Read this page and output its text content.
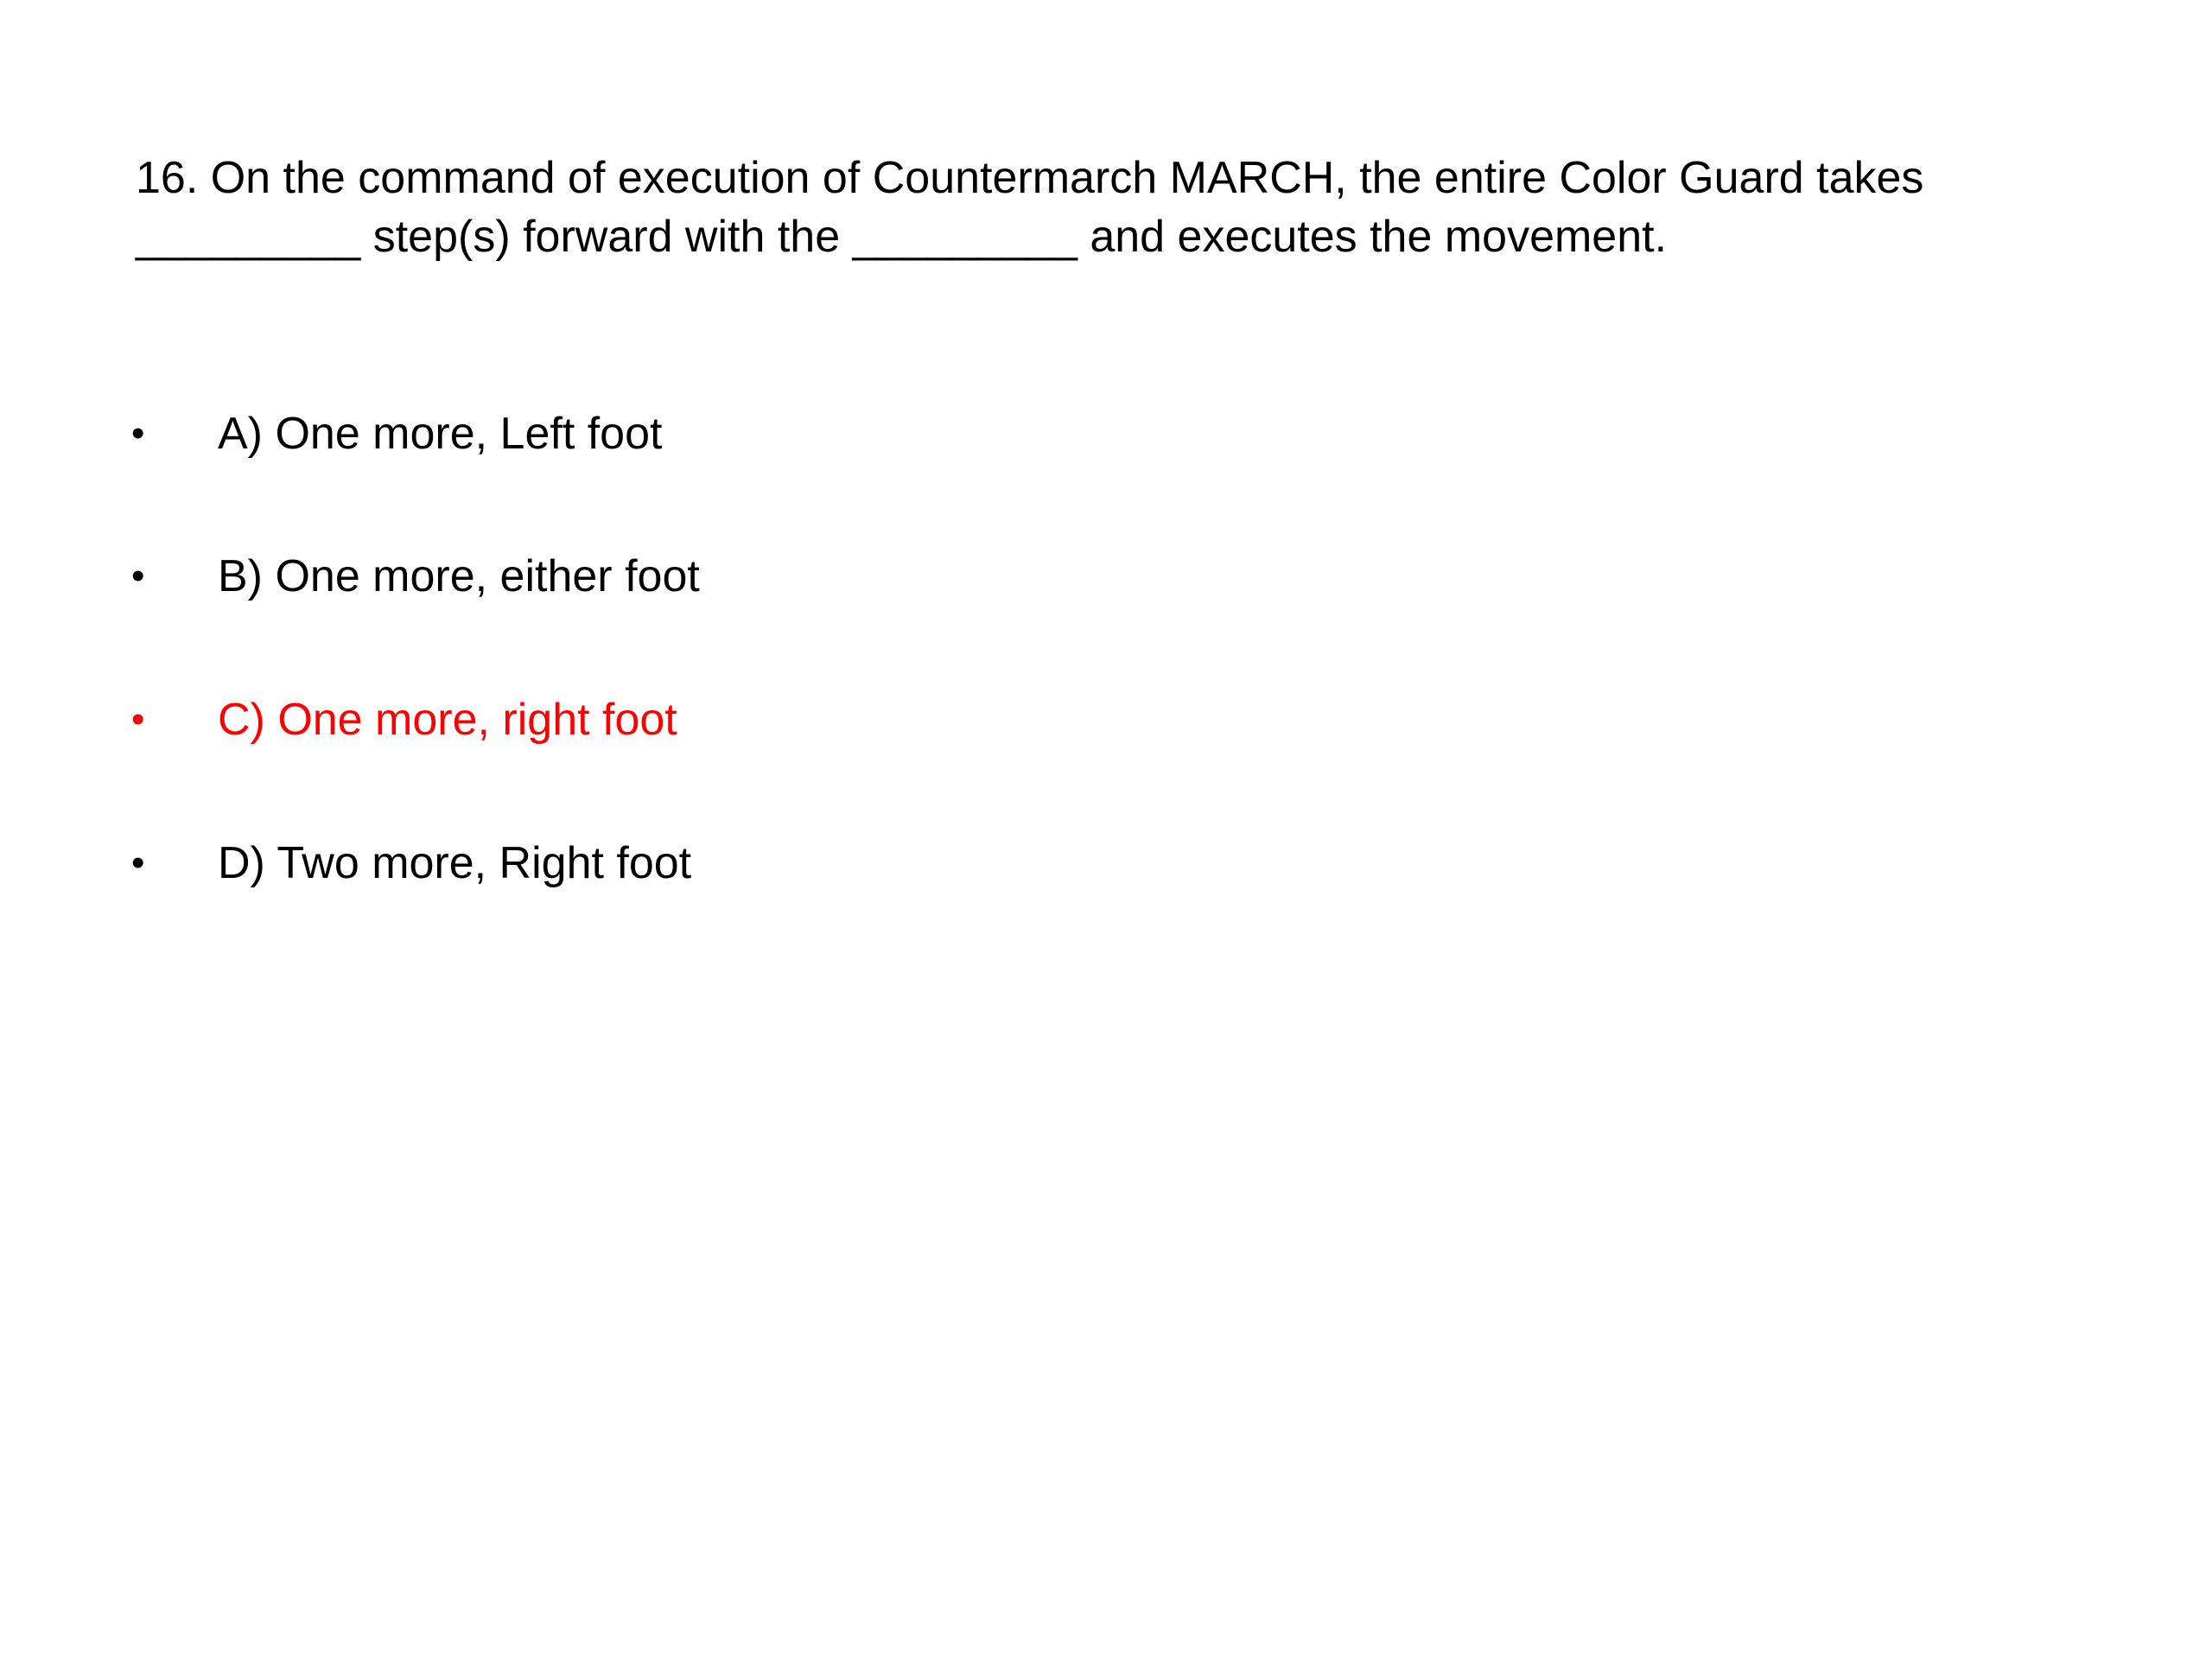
16. On the command of execution of Countermarch MARCH, the entire Color Guard takes
_________ step(s) forward with the _________ and executes the movement.

• A) One more, Left foot
• B) One more, either foot
• C) One more, right foot
• D) Two more, Right foot
